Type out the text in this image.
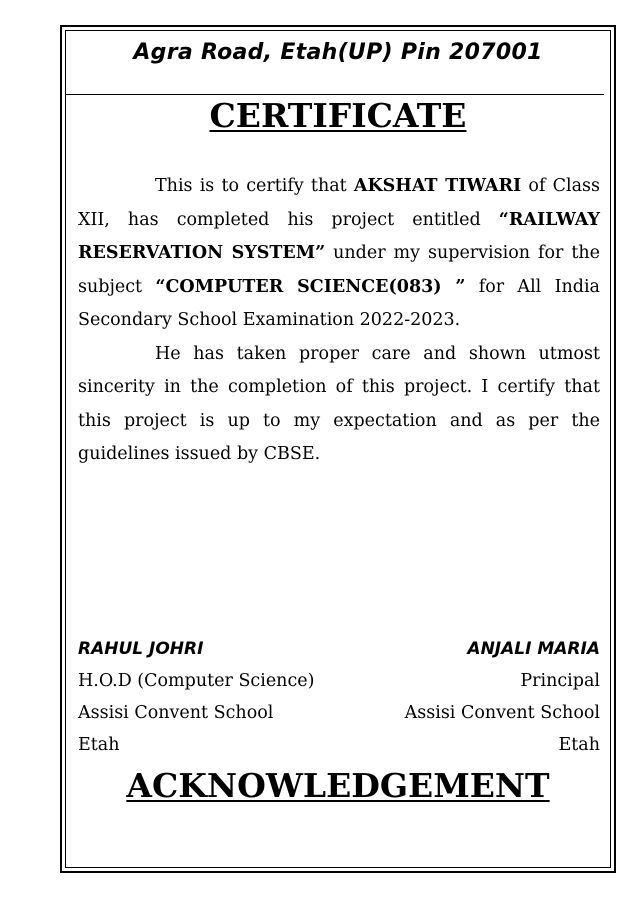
Agra Road, Etah(UP) Pin 207001
CERTIFICATE

This is to certify that AKSHAT TIWARI of Class XII, has completed his project entitled “RAILWAY RESERVATION SYSTEM” under my supervision for the subject “COMPUTER SCIENCE(083) ” for All India Secondary School Examination 2022-2023.

He has taken proper care and shown utmost sincerity in the completion of this project. I certify that this project is up to my expectation and as per the guidelines issued by CBSE.

RAHUL JOHRI
H.O.D (Computer Science)
Assisi Convent School
Etah
ANJALI MARIA
Principal
Assisi Convent School
Etah
ACKNOWLEDGEMENT
